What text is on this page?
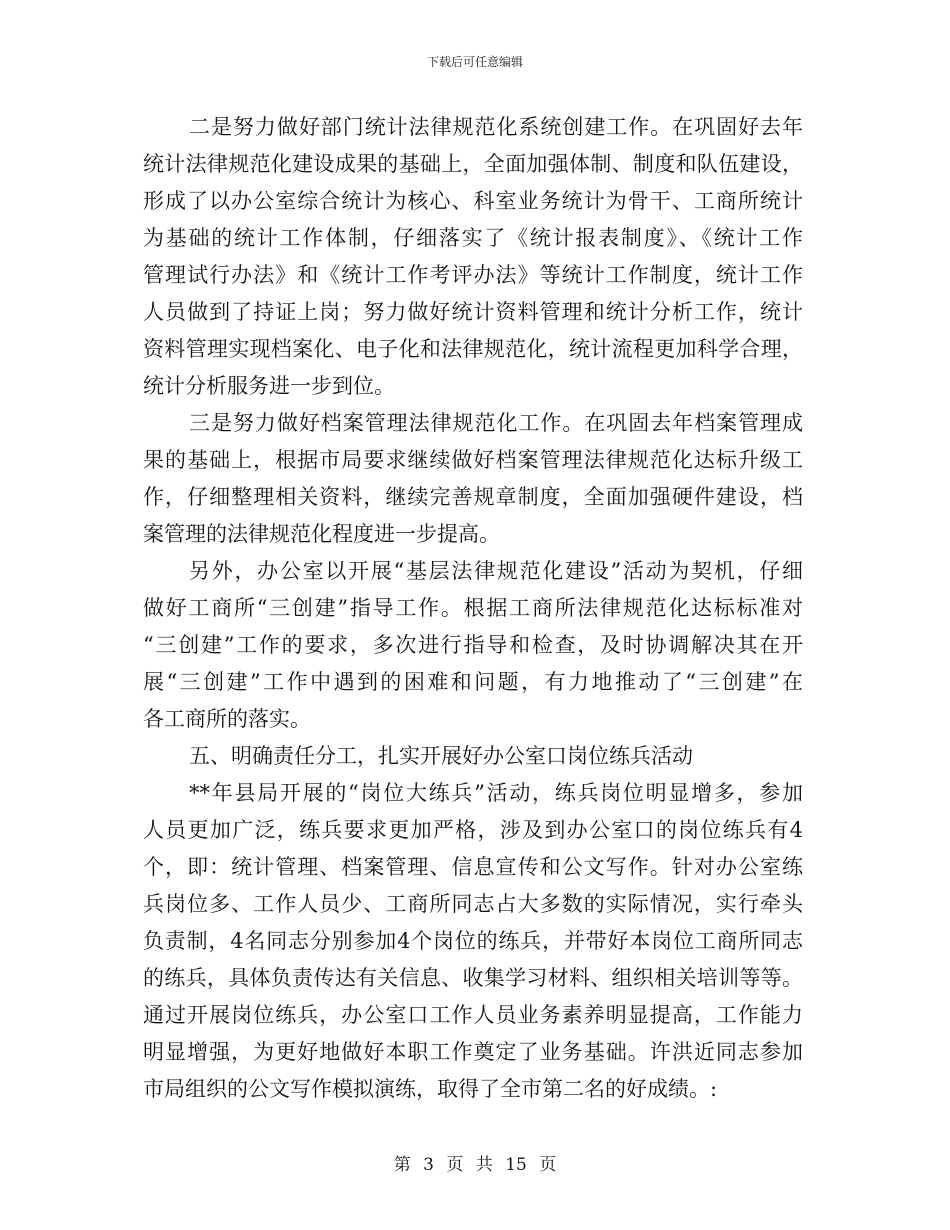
下载后可任意编辑
二是努力做好部门统计法律规范化系统创建工作。在巩固好去年
统计法律规范化建设成果的基础上，全面加强体制、制度和队伍建设，
形成了以办公室综合统计为核心、科室业务统计为骨干、工商所统计
为基础的统计工作体制，仔细落实了《统计报表制度》、《统计工作
管理试行办法》和《统计工作考评办法》等统计工作制度，统计工作
人员做到了持证上岗；努力做好统计资料管理和统计分析工作，统计
资料管理实现档案化、电子化和法律规范化，统计流程更加科学合理，
统计分析服务进一步到位。
三是努力做好档案管理法律规范化工作。在巩固去年档案管理成
果的基础上，根据市局要求继续做好档案管理法律规范化达标升级工
作，仔细整理相关资料，继续完善规章制度，全面加强硬件建设，档
案管理的法律规范化程度进一步提高。
另外，办公室以开展“基层法律规范化建设”活动为契机，仔细
做好工商所“三创建”指导工作。根据工商所法律规范化达标标准对
“三创建”工作的要求，多次进行指导和检查，及时协调解决其在开
展“三创建”工作中遇到的困难和问题，有力地推动了“三创建”在
各工商所的落实。
五、明确责任分工，扎实开展好办公室口岗位练兵活动
**年县局开展的“岗位大练兵”活动，练兵岗位明显增多，参加
人员更加广泛，练兵要求更加严格，涉及到办公室口的岗位练兵有4
个，即：统计管理、档案管理、信息宣传和公文写作。针对办公室练
兵岗位多、工作人员少、工商所同志占大多数的实际情况，实行牵头
负责制，4名同志分别参加4个岗位的练兵，并带好本岗位工商所同志
的练兵，具体负责传达有关信息、收集学习材料、组织相关培训等等。
通过开展岗位练兵，办公室口工作人员业务素养明显提高，工作能力
明显增强，为更好地做好本职工作奠定了业务基础。许洪近同志参加
市局组织的公文写作模拟演练，取得了全市第二名的好成绩。:
第 3 页 共 15 页
